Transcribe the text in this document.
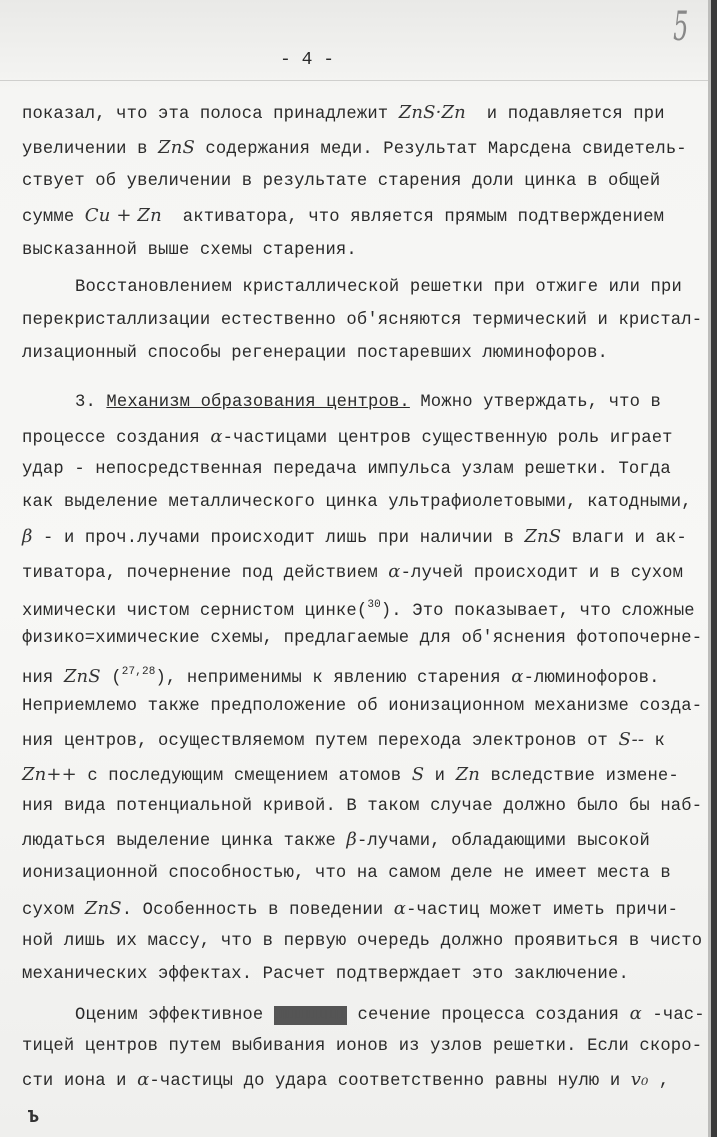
5
- 4 -
показал, что эта полоса принадлежит ZnS·Zn  и подавляется при
увеличении в ZnS содержания меди. Результат Марсдена свидетель-
ствует об увеличении в результате старения доли цинка в общей
сумме Cu + Zn  активатора, что является прямым подтверждением
высказанной выше схемы старения.
Восстановлением кристаллической решетки при отжиге или при
перекристаллизации естественно об'ясняются термический и кристал-
лизационный способы регенерации постаревших люминофоров.
3. Механизм образования центров. Можно утверждать, что в
процессе создания α-частицами центров существенную роль играет
удар - непосредственная передача импульса узлам решетки. Тогда
как выделение металлического цинка ультрафиолетовыми, катодными,
β - и проч.лучами происходит лишь при наличии в ZnS влаги и ак-
тиватора, почернение под действием α-лучей происходит и в сухом
химически чистом сернистом цинке($^{30}$). Это показывает, что сложные
физико=химические схемы, предлагаемые для об'яснения фотопочерне-
ния ZnS ($^{27,28}$), неприменимы к явлению старения α-люминофоров.
Неприемлемо также предположение об ионизационном механизме созда-
ния центров, осуществляемом путем перехода электронов от S-- к
Zn++ с последующим смещением атомов S и Zn вследствие измене-
ния вида потенциальной кривой. В таком случае должно было бы наб-
людаться выделение цинка также β-лучами, обладающими высокой
ионизационной способностью, что на самом деле не имеет места в
сухом ZnS. Особенность в поведении α-частиц может иметь причи-
ной лишь их массу, что в первую очередь должно проявиться в чисто
механических эффектах. Расчет подтверждает это заключение.
Оценим эффективное шшшшшшш сечение процесса создания α -час-
тицей центров путем выбивания ионов из узлов решетки. Если скоро-
сти иона и α-частицы до удара соответственно равны нулю и v₀ ,
Ъ
